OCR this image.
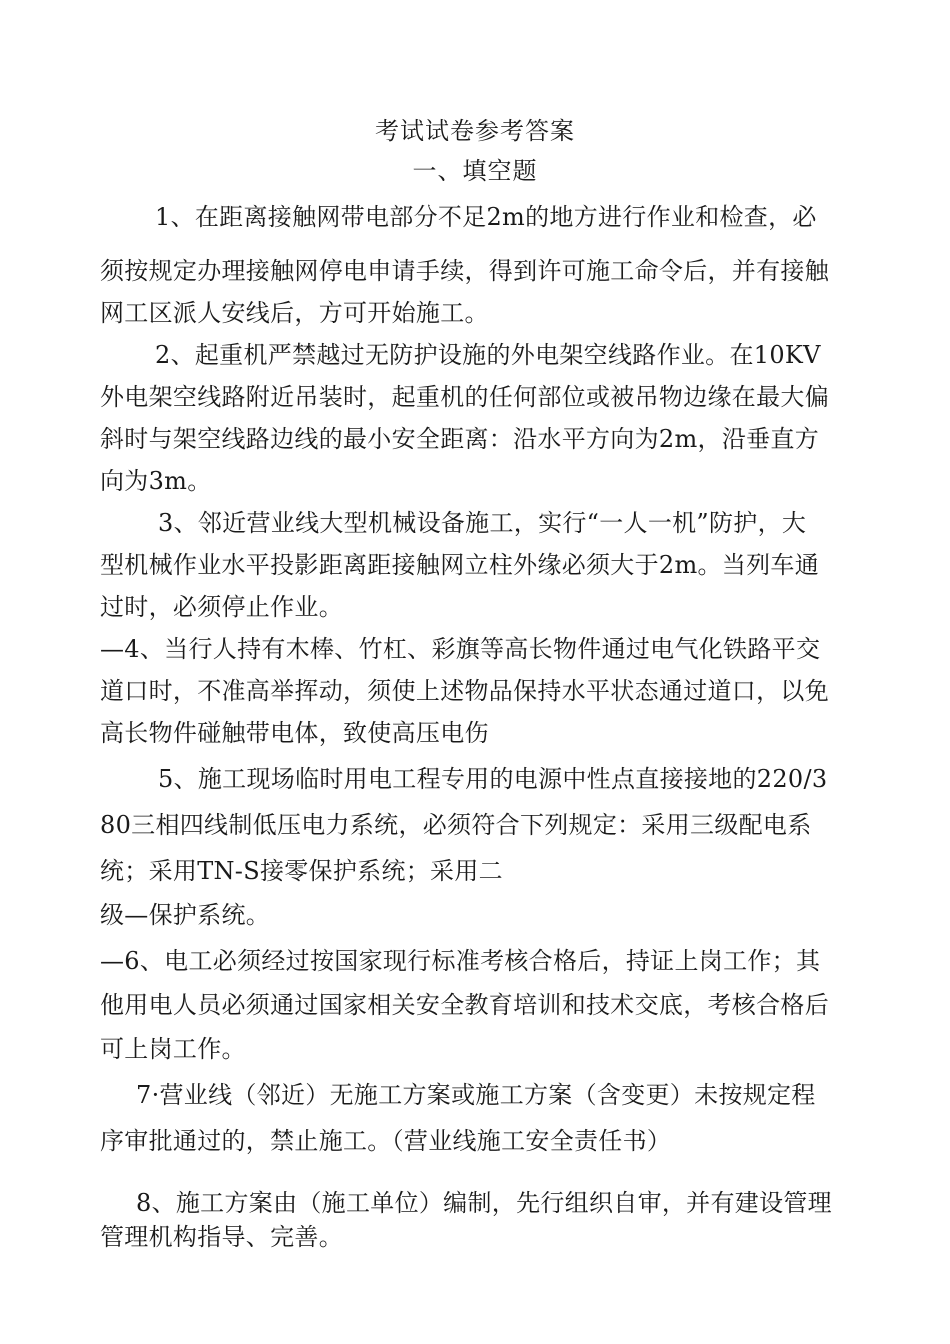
考试试卷参考答案
一、填空题
1、在距离接触网带电部分不足2m的地方进行作业和检查，必
须按规定办理接触网停电申请手续，得到许可施工命令后，并有接触
网工区派人安线后，方可开始施工。
2、起重机严禁越过无防护设施的外电架空线路作业。在10KV
外电架空线路附近吊装时，起重机的任何部位或被吊物边缘在最大偏
斜时与架空线路边线的最小安全距离：沿水平方向为2m，沿垂直方
向为3m。
3、邻近营业线大型机械设备施工，实行“一人一机”防护，大
型机械作业水平投影距离距接触网立柱外缘必须大于2m。当列车通
过时，必须停止作业。
—4、当行人持有木棒、竹杠、彩旗等高长物件通过电气化铁路平交
道口时，不准高举挥动，须使上述物品保持水平状态通过道口，以免
高长物件碰触带电体，致使高压电伤
5、施工现场临时用电工程专用的电源中性点直接接地的220/3
80三相四线制低压电力系统，必须符合下列规定：采用三级配电系
统；采用TN-S接零保护系统；采用二
级—保护系统。
—6、电工必须经过按国家现行标准考核合格后，持证上岗工作；其
他用电人员必须通过国家相关安全教育培训和技术交底，考核合格后
可上岗工作。
7·营业线（邻近）无施工方案或施工方案（含变更）未按规定程
序审批通过的，禁止施工。（营业线施工安全责任书）
8、施工方案由（施工单位）编制，先行组织自审，并有建设管理
管理机构指导、完善。
